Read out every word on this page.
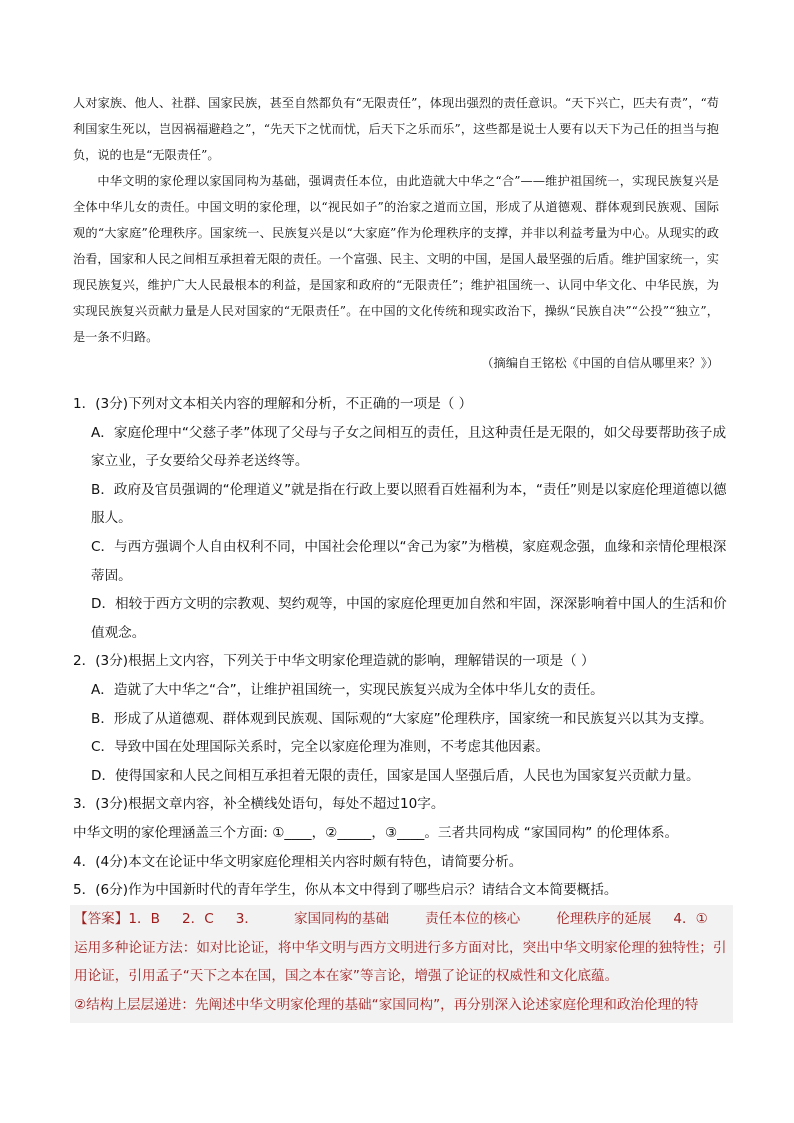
人对家族、他人、社群、国家民族，甚至自然都负有“无限责任”，体现出强烈的责任意识。“天下兴亡，匹夫有责”，“苟利国家生死以，岂因祸福避趋之”，“先天下之忧而忧，后天下之乐而乐”，这些都是说士人要有以天下为己任的担当与抱负，说的也是“无限责任”。

中华文明的家伦理以家国同构为基础，强调责任本位，由此造就大中华之“合”——维护祖国统一，实现民族复兴是全体中华儿女的责任。中国文明的家伦理，以“视民如子”的治家之道而立国，形成了从道德观、群体观到民族观、国际观的“大家庭”伦理秩序。国家统一、民族复兴是以“大家庭”作为伦理秩序的支撑，并非以利益考量为中心。从现实的政治看，国家和人民之间相互承担着无限的责任。一个富强、民主、文明的中国，是国人最坚强的后盾。维护国家统一，实现民族复兴，维护广大人民最根本的利益，是国家和政府的“无限责任”；维护祖国统一、认同中华文化、中华民族，为实现民族复兴贡献力量是人民对国家的“无限责任”。在中国的文化传统和现实政治下，操纵“民族自决”“公投”“独立”，是一条不归路。

（摘编自王铭松《中国的自信从哪里来？》）

1．(3分)下列对文本相关内容的理解和分析，不正确的一项是（ ）

A．家庭伦理中“父慈子孝”体现了父母与子女之间相互的责任，且这种责任是无限的，如父母要帮助孩子成家立业，子女要给父母养老送终等。

B．政府及官员强调的“伦理道义”就是指在行政上要以照看百姓福利为本，“责任”则是以家庭伦理道德以德服人。

C．与西方强调个人自由权利不同，中国社会伦理以“舍己为家”为楷模，家庭观念强，血缘和亲情伦理根深蒂固。

D．相较于西方文明的宗教观、契约观等，中国的家庭伦理更加自然和牢固，深深影响着中国人的生活和价值观念。

2．(3分)根据上文内容，下列关于中华文明家伦理造就的影响，理解错误的一项是（ ）

A．造就了大中华之“合”，让维护祖国统一，实现民族复兴成为全体中华儿女的责任。

B．形成了从道德观、群体观到民族观、国际观的“大家庭”伦理秩序，国家统一和民族复兴以其为支撑。

C．导致中国在处理国际关系时，完全以家庭伦理为准则，不考虑其他因素。

D．使得国家和人民之间相互承担着无限的责任，国家是国人坚强后盾，人民也为国家复兴贡献力量。

3．(3分)根据文章内容，补全横线处语句，每处不超过10字。

中华文明的家伦理涵盖三个方面: ①____，②_____，③____。三者共同构成 “家国同构” 的伦理体系。

4．(4分)本文在论证中华文明家庭伦理相关内容时颇有特色，请简要分析。

5．(6分)作为中国新时代的青年学生，你从本文中得到了哪些启示？请结合文本简要概括。

【答案】1．B 2．C 3．	家国同构的基础	责任本位的核心	伦理秩序的延展 4．①

运用多种论证方法：如对比论证，将中华文明与西方文明进行多方面对比，突出中华文明家伦理的独特性；引用论证，引用孟子“天下之本在国，国之本在家”等言论，增强了论证的权威性和文化底蕴。

②结构上层层递进：先阐述中华文明家伦理的基础“家国同构”，再分别深入论述家庭伦理和政治伦理的特
